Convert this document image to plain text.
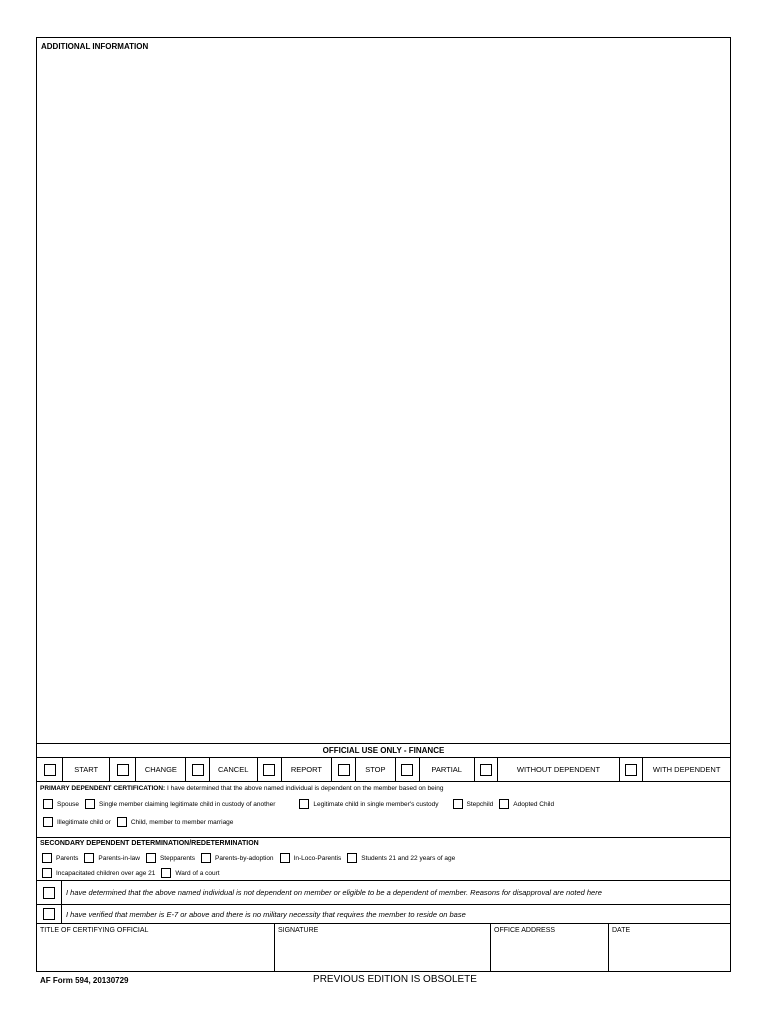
ADDITIONAL INFORMATION
OFFICIAL USE ONLY - FINANCE
START	CHANGE	CANCEL	REPORT	STOP	PARTIAL	WITHOUT DEPENDENT	WITH DEPENDENT
PRIMARY DEPENDENT CERTIFICATION: I have determined that the above named individual is dependent on the member based on being
Spouse	Single member claiming legitimate child in custody of another	Legitimate child in single member's custody	Stepchild	Adopted Child
Illegitimate child or	Child, member to member marriage
SECONDARY DEPENDENT DETERMINATION/REDETERMINATION
Parents	Parents-in-law	Stepparents	Parents-by-adoption	In-Loco-Parentis	Students 21 and 22 years of age
Incapacitated children over age 21	Ward of a court
I have determined that the above named individual is not dependent on member or eligible to be a dependent of member. Reasons for disapproval are noted here
I have verified that member is E-7 or above and there is no military necessity that requires the member to reside on base
TITLE OF CERTIFYING OFFICIAL	SIGNATURE	OFFICE ADDRESS	DATE
AF Form 594, 20130729	PREVIOUS EDITION IS OBSOLETE
